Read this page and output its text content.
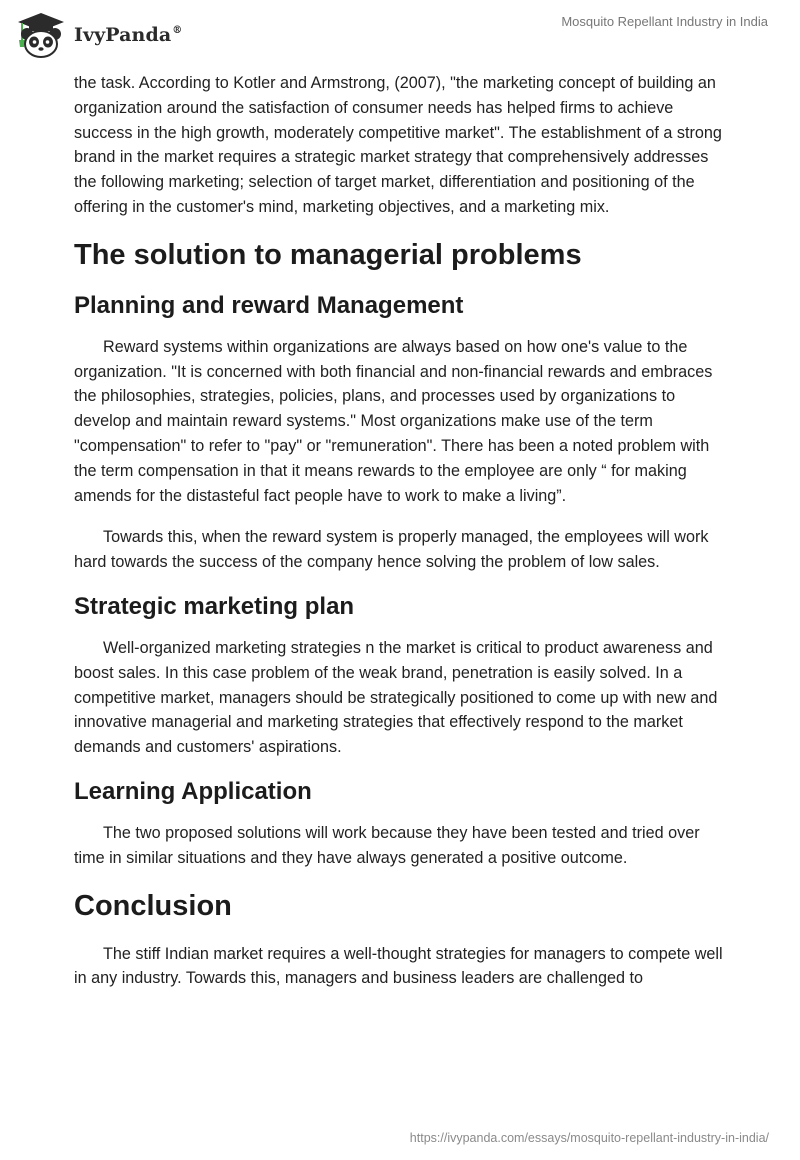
IvyPanda®
Mosquito Repellant Industry in India

the task. According to Kotler and Armstrong, (2007), "the marketing concept of building an organization around the satisfaction of consumer needs has helped firms to achieve success in the high growth, moderately competitive market". The establishment of a strong brand in the market requires a strategic market strategy that comprehensively addresses the following marketing; selection of target market, differentiation and positioning of the offering in the customer's mind, marketing objectives, and a marketing mix.

The solution to managerial problems
Planning and reward Management

Reward systems within organizations are always based on how one's value to the organization. "It is concerned with both financial and non-financial rewards and embraces the philosophies, strategies, policies, plans, and processes used by organizations to develop and maintain reward systems." Most organizations make use of the term "compensation" to refer to "pay" or "remuneration". There has been a noted problem with the term compensation in that it means rewards to the employee are only “ for making amends for the distasteful fact people have to work to make a living”.

Towards this, when the reward system is properly managed, the employees will work hard towards the success of the company hence solving the problem of low sales.

Strategic marketing plan

Well-organized marketing strategies n the market is critical to product awareness and boost sales. In this case problem of the weak brand, penetration is easily solved. In a competitive market, managers should be strategically positioned to come up with new and innovative managerial and marketing strategies that effectively respond to the market demands and customers' aspirations.

Learning Application

The two proposed solutions will work because they have been tested and tried over time in similar situations and they have always generated a positive outcome.

Conclusion

The stiff Indian market requires a well-thought strategies for managers to compete well in any industry. Towards this, managers and business leaders are challenged to

https://ivypanda.com/essays/mosquito-repellant-industry-in-india/
